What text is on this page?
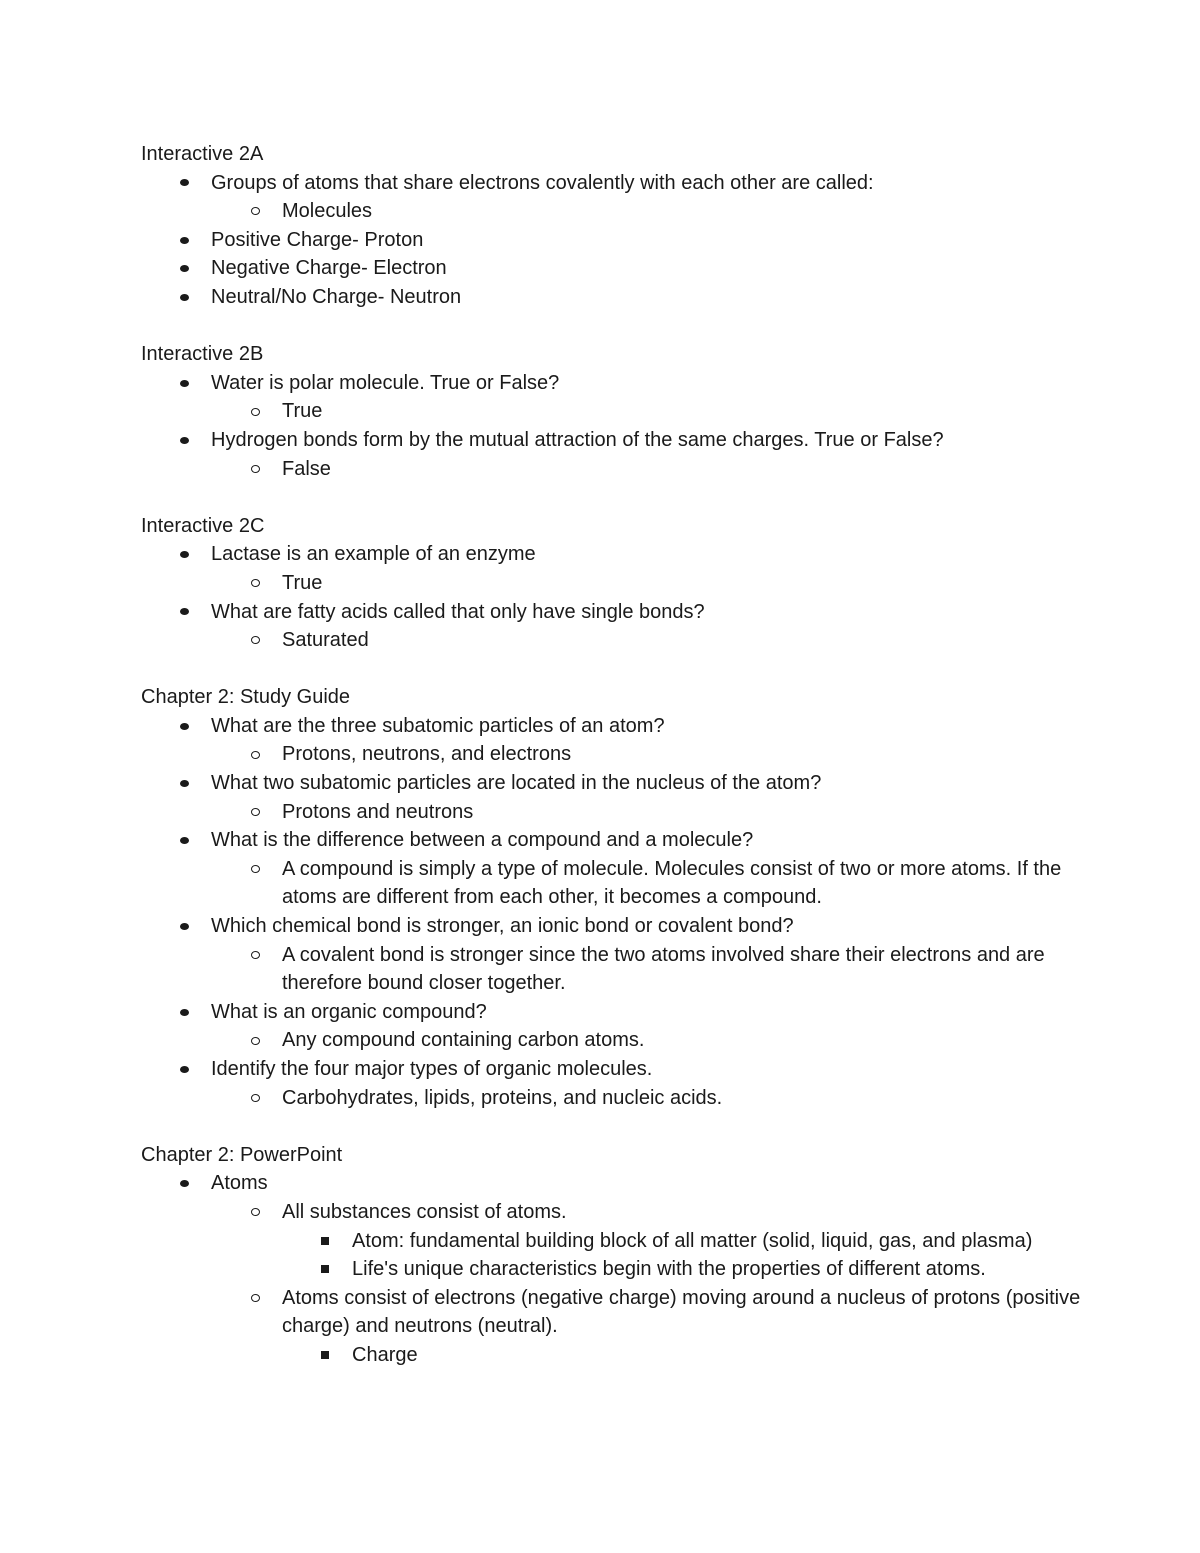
Interactive 2A

Groups of atoms that share electrons covalently with each other are called:
Molecules
Positive Charge- Proton
Negative Charge- Electron
Neutral/No Charge- Neutron

Interactive 2B

Water is polar molecule. True or False?
True
Hydrogen bonds form by the mutual attraction of the same charges. True or False?
False

Interactive 2C

Lactase is an example of an enzyme
True
What are fatty acids called that only have single bonds?
Saturated

Chapter 2: Study Guide

What are the three subatomic particles of an atom?
Protons, neutrons, and electrons
What two subatomic particles are located in the nucleus of the atom?
Protons and neutrons
What is the difference between a compound and a molecule?
A compound is simply a type of molecule. Molecules consist of two or more atoms. If the atoms are different from each other, it becomes a compound.
Which chemical bond is stronger, an ionic bond or covalent bond?
A covalent bond is stronger since the two atoms involved share their electrons and are therefore bound closer together.
What is an organic compound?
Any compound containing carbon atoms.
Identify the four major types of organic molecules.
Carbohydrates, lipids, proteins, and nucleic acids.

Chapter 2: PowerPoint

Atoms
All substances consist of atoms.
Atom: fundamental building block of all matter (solid, liquid, gas, and plasma)
Life's unique characteristics begin with the properties of different atoms.
Atoms consist of electrons (negative charge) moving around a nucleus of protons (positive charge) and neutrons (neutral).
Charge
